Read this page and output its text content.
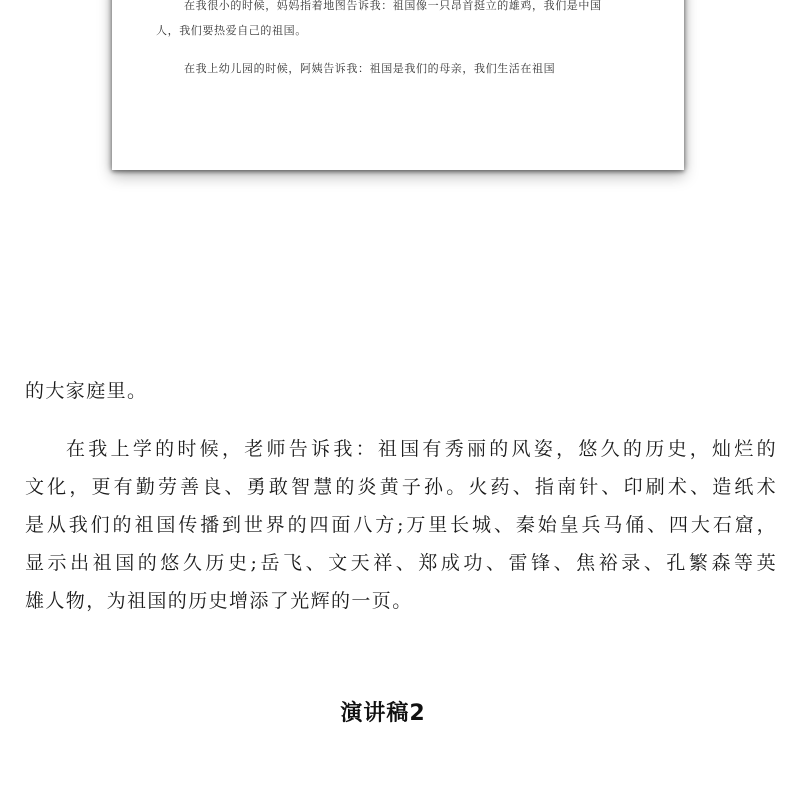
在我很小的时候，妈妈指着地图告诉我：祖国像一只昂首挺立的雄鸡，我们是中国人，我们要热爱自己的祖国。
在我上幼儿园的时候，阿姨告诉我：祖国是我们的母亲，我们生活在祖国
的大家庭里。
在我上学的时候，老师告诉我：祖国有秀丽的风姿，悠久的历史，灿烂的
文化，更有勤劳善良、勇敢智慧的炎黄子孙。火药、指南针、印刷术、造纸术
是从我们的祖国传播到世界的四面八方;万里长城、秦始皇兵马俑、四大石窟，
显示出祖国的悠久历史;岳飞、文天祥、郑成功、雷锋、焦裕录、孔繁森等英
雄人物，为祖国的历史增添了光辉的一页。
演讲稿2
